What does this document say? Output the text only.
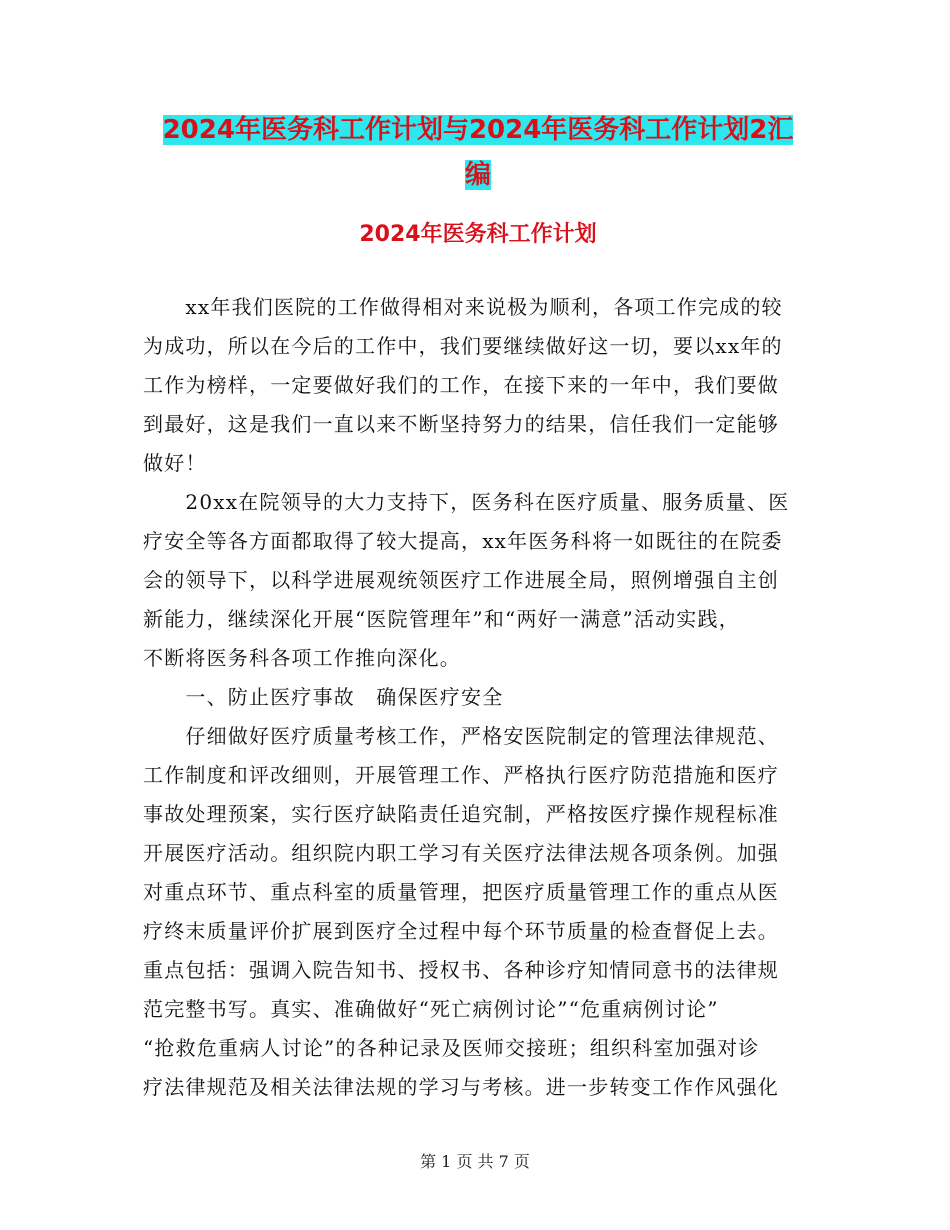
2024年医务科工作计划与2024年医务科工作计划2汇
编
2024年医务科工作计划
　　xx年我们医院的工作做得相对来说极为顺利，各项工作完成的较
为成功，所以在今后的工作中，我们要继续做好这一切，要以xx年的
工作为榜样，一定要做好我们的工作，在接下来的一年中，我们要做
到最好，这是我们一直以来不断坚持努力的结果，信任我们一定能够
做好！
　　20xx在院领导的大力支持下，医务科在医疗质量、服务质量、医
疗安全等各方面都取得了较大提高，xx年医务科将一如既往的在院委
会的领导下，以科学进展观统领医疗工作进展全局，照例增强自主创
新能力，继续深化开展“医院管理年”和“两好一满意”活动实践，
不断将医务科各项工作推向深化。
　　一、防止医疗事故　确保医疗安全
　　仔细做好医疗质量考核工作，严格安医院制定的管理法律规范、
工作制度和评改细则，开展管理工作、严格执行医疗防范措施和医疗
事故处理预案，实行医疗缺陷责任追究制，严格按医疗操作规程标准
开展医疗活动。组织院内职工学习有关医疗法律法规各项条例。加强
对重点环节、重点科室的质量管理，把医疗质量管理工作的重点从医
疗终末质量评价扩展到医疗全过程中每个环节质量的检查督促上去。
重点包括：强调入院告知书、授权书、各种诊疗知情同意书的法律规
范完整书写。真实、准确做好“死亡病例讨论”“危重病例讨论”
“抢救危重病人讨论”的各种记录及医师交接班；组织科室加强对诊
疗法律规范及相关法律法规的学习与考核。进一步转变工作作风强化
第 1 页 共 7 页
